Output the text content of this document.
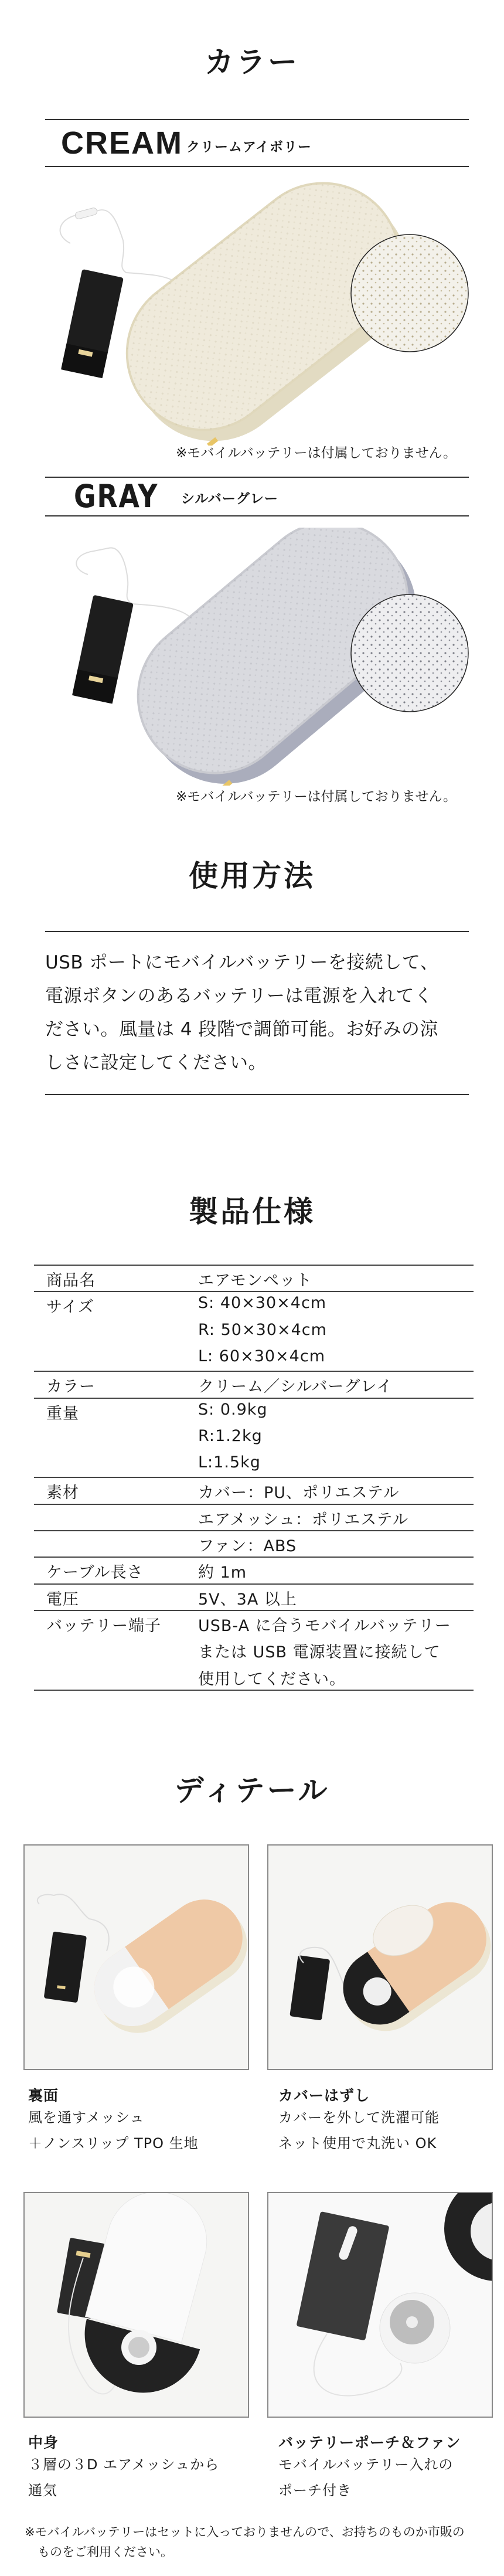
カラー
CREAM クリームアイボリー
※モバイルバッテリーは付属しておりません。
GRAY シルバーグレー
※モバイルバッテリーは付属しておりません。
使用方法
USB ポートにモバイルバッテリーを接続して、
電源ボタンのあるバッテリーは電源を入れてく
ださい。風量は 4 段階で調節可能。お好みの涼
しさに設定してください。
製品仕様
商品名	エアモンペット
サイズ	S: 40×30×4cm
R: 50×30×4cm
L: 60×30×4cm
カラー	クリーム／シルバーグレイ
重量	S: 0.9kg
R:1.2kg
L:1.5kg
素材	カバー：PU、ポリエステル
エアメッシュ：ポリエステル
ファン：ABS
ケーブル長さ	約 1m
電圧	5V、3A 以上
バッテリー端子 USB-A に合うモバイルバッテリー
または USB 電源装置に接続して
使用してください。
ディテール
裏面
風を通すメッシュ
＋ノンスリップ TPO 生地
カバーはずし
カバーを外して洗濯可能
ネット使用で丸洗い OK
中身
３層の３D エアメッシュから
通気
バッテリーポーチ＆ファン
モバイルバッテリー入れの
ポーチ付き
※モバイルバッテリーはセットに入っておりませんので、お持ちのものか市販の
ものをご利用ください。
